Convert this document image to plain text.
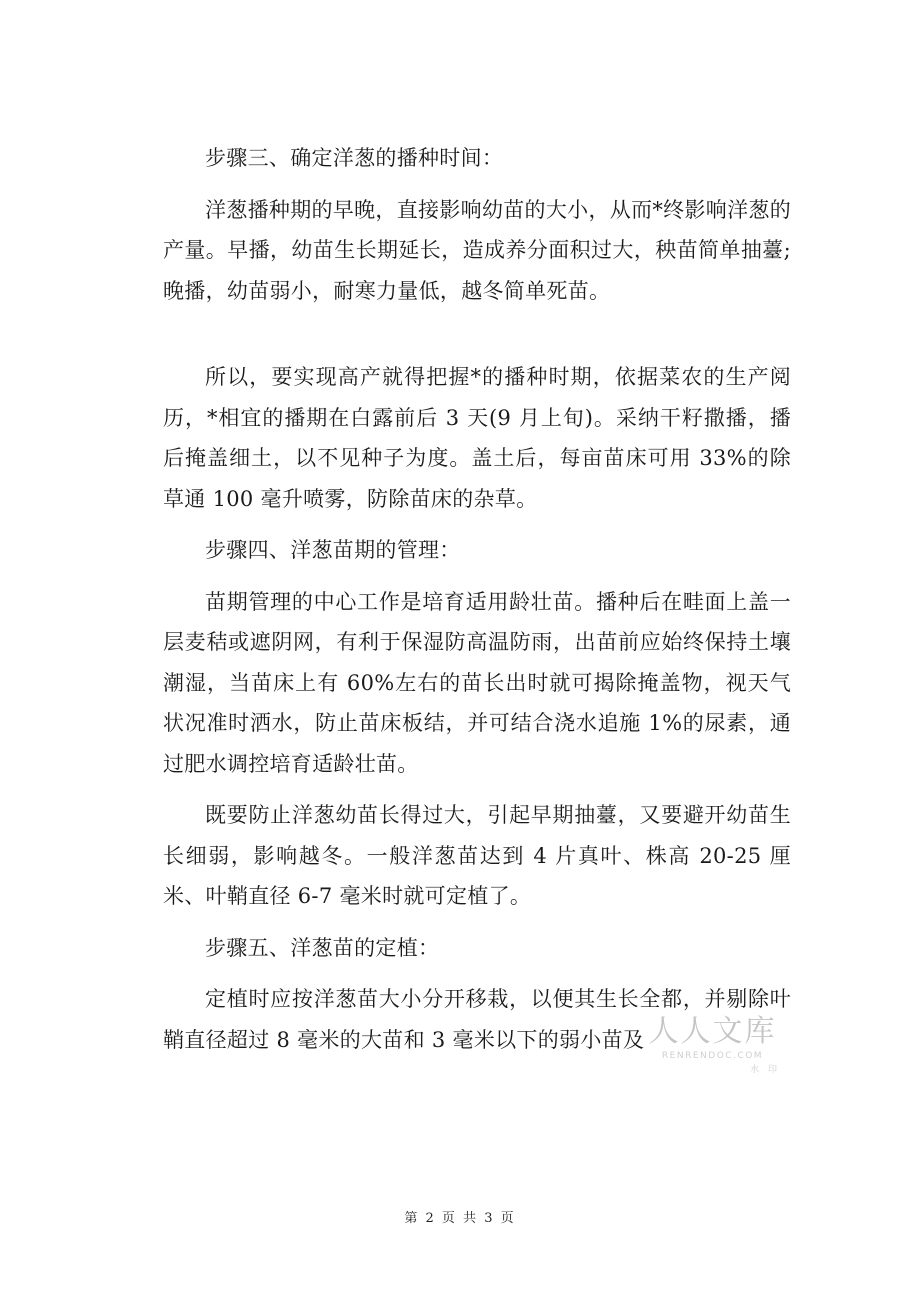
步骤三、确定洋葱的播种时间：

洋葱播种期的早晚，直接影响幼苗的大小，从而*终影响洋葱的产量。早播，幼苗生长期延长，造成养分面积过大，秧苗简单抽薹;晚播，幼苗弱小，耐寒力量低，越冬简单死苗。

所以，要实现高产就得把握*的播种时期，依据菜农的生产阅历，*相宜的播期在白露前后 3 天(9 月上旬)。采纳干籽撒播，播后掩盖细土，以不见种子为度。盖土后，每亩苗床可用 33%的除草通 100 毫升喷雾，防除苗床的杂草。

步骤四、洋葱苗期的管理：

苗期管理的中心工作是培育适用龄壮苗。播种后在畦面上盖一层麦秸或遮阴网，有利于保湿防高温防雨，出苗前应始终保持土壤潮湿，当苗床上有 60%左右的苗长出时就可揭除掩盖物，视天气状况准时洒水，防止苗床板结，并可结合浇水追施 1%的尿素，通过肥水调控培育适龄壮苗。

既要防止洋葱幼苗长得过大，引起早期抽薹，又要避开幼苗生长细弱，影响越冬。一般洋葱苗达到 4 片真叶、株高 20-25 厘米、叶鞘直径 6-7 毫米时就可定植了。

步骤五、洋葱苗的定植：

定植时应按洋葱苗大小分开移栽，以便其生长全都，并剔除叶鞘直径超过 8 毫米的大苗和 3 毫米以下的弱小苗及 人人文库
RENRENDOC.COM
水 印
第 2 页 共 3 页
